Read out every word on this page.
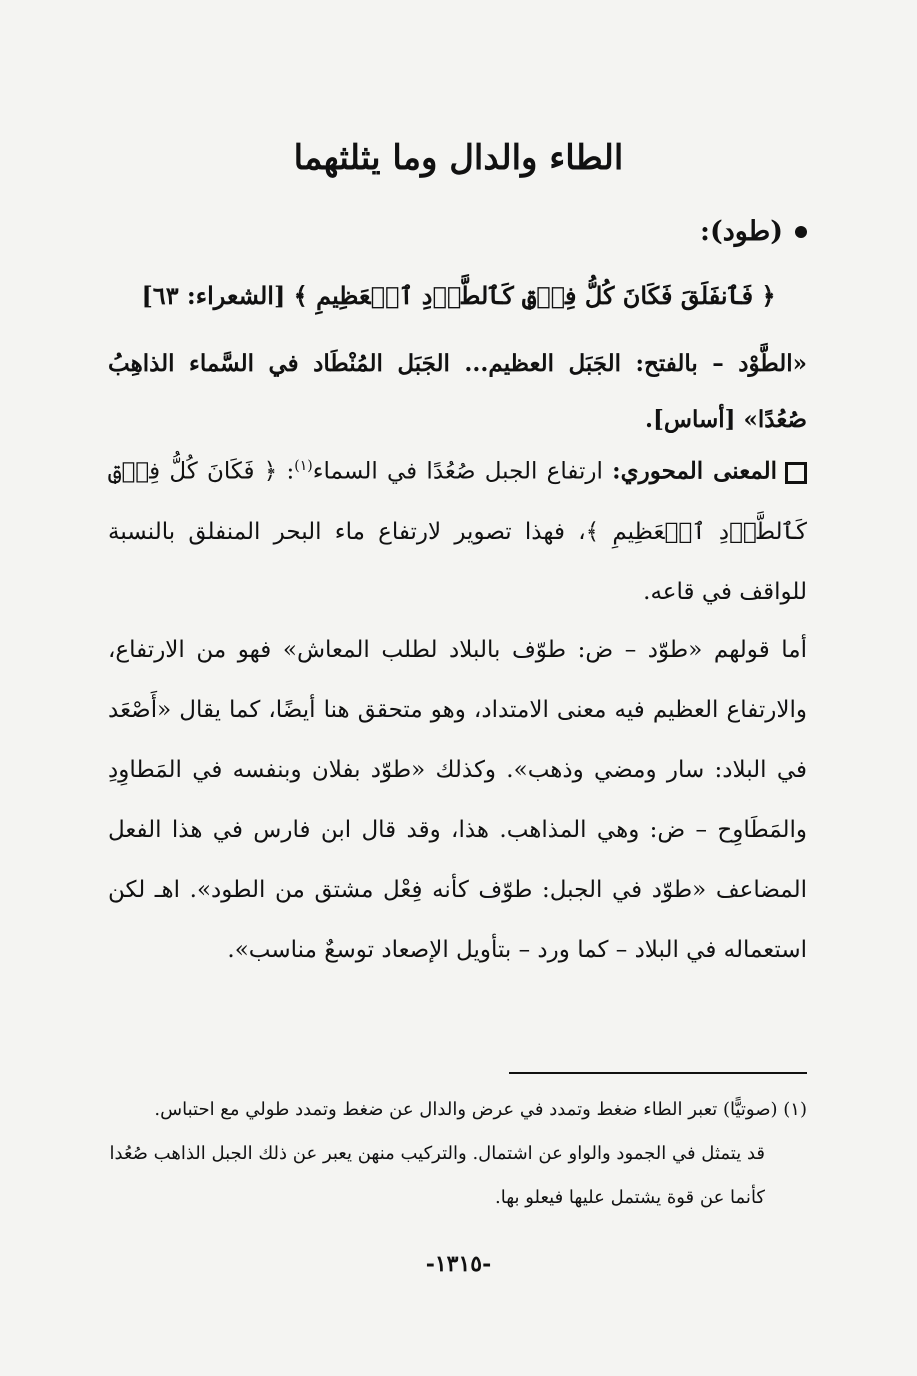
الطاء والدال وما يثلثهما
(طود):
﴿ فَٱنفَلَقَ فَكَانَ كُلُّ فِرۡقٖ كَٱلطَّوۡدِ ٱلۡعَظِيمِ ﴾ [الشعراء: ٦٣]
«الطَّوْد – بالفتح: الجَبَل العظيم... الجَبَل المُنْطَاد في السَّماء الذاهِبُ صُعُدًا» [أساس].
المعنى المحوري: ارتفاع الجبل صُعُدًا في السماء$^{(١)}$: ﴿ فَكَانَ كُلُّ فِرۡقٖ كَٱلطَّوۡدِ ٱلۡعَظِيمِ ﴾، فهذا تصوير لارتفاع ماء البحر المنفلق بالنسبة للواقف في قاعه.
أما قولهم «طوّد – ض: طوّف بالبلاد لطلب المعاش» فهو من الارتفاع، والارتفاع العظيم فيه معنى الامتداد، وهو متحقق هنا أيضًا، كما يقال «أَصْعَد في البلاد: سار ومضي وذهب». وكذلك «طوّد بفلان وبنفسه في المَطاوِدِ والمَطَاوِح – ض: وهي المذاهب. هذا، وقد قال ابن فارس في هذا الفعل المضاعف «طوّد في الجبل: طوّف كأنه فِعْل مشتق من الطود». اهـ لكن استعماله في البلاد – كما ورد – بتأويل الإصعاد توسعٌ مناسب».
(١) (صوتيًّا) تعبر الطاء ضغط وتمدد في عرض والدال عن ضغط وتمدد طولي مع احتباس.
قد يتمثل في الجمود والواو عن اشتمال. والتركيب منهن يعبر عن ذلك الجبل الذاهب صُعُدا كأنما عن قوة يشتمل عليها فيعلو بها.
-١٣١٥-
